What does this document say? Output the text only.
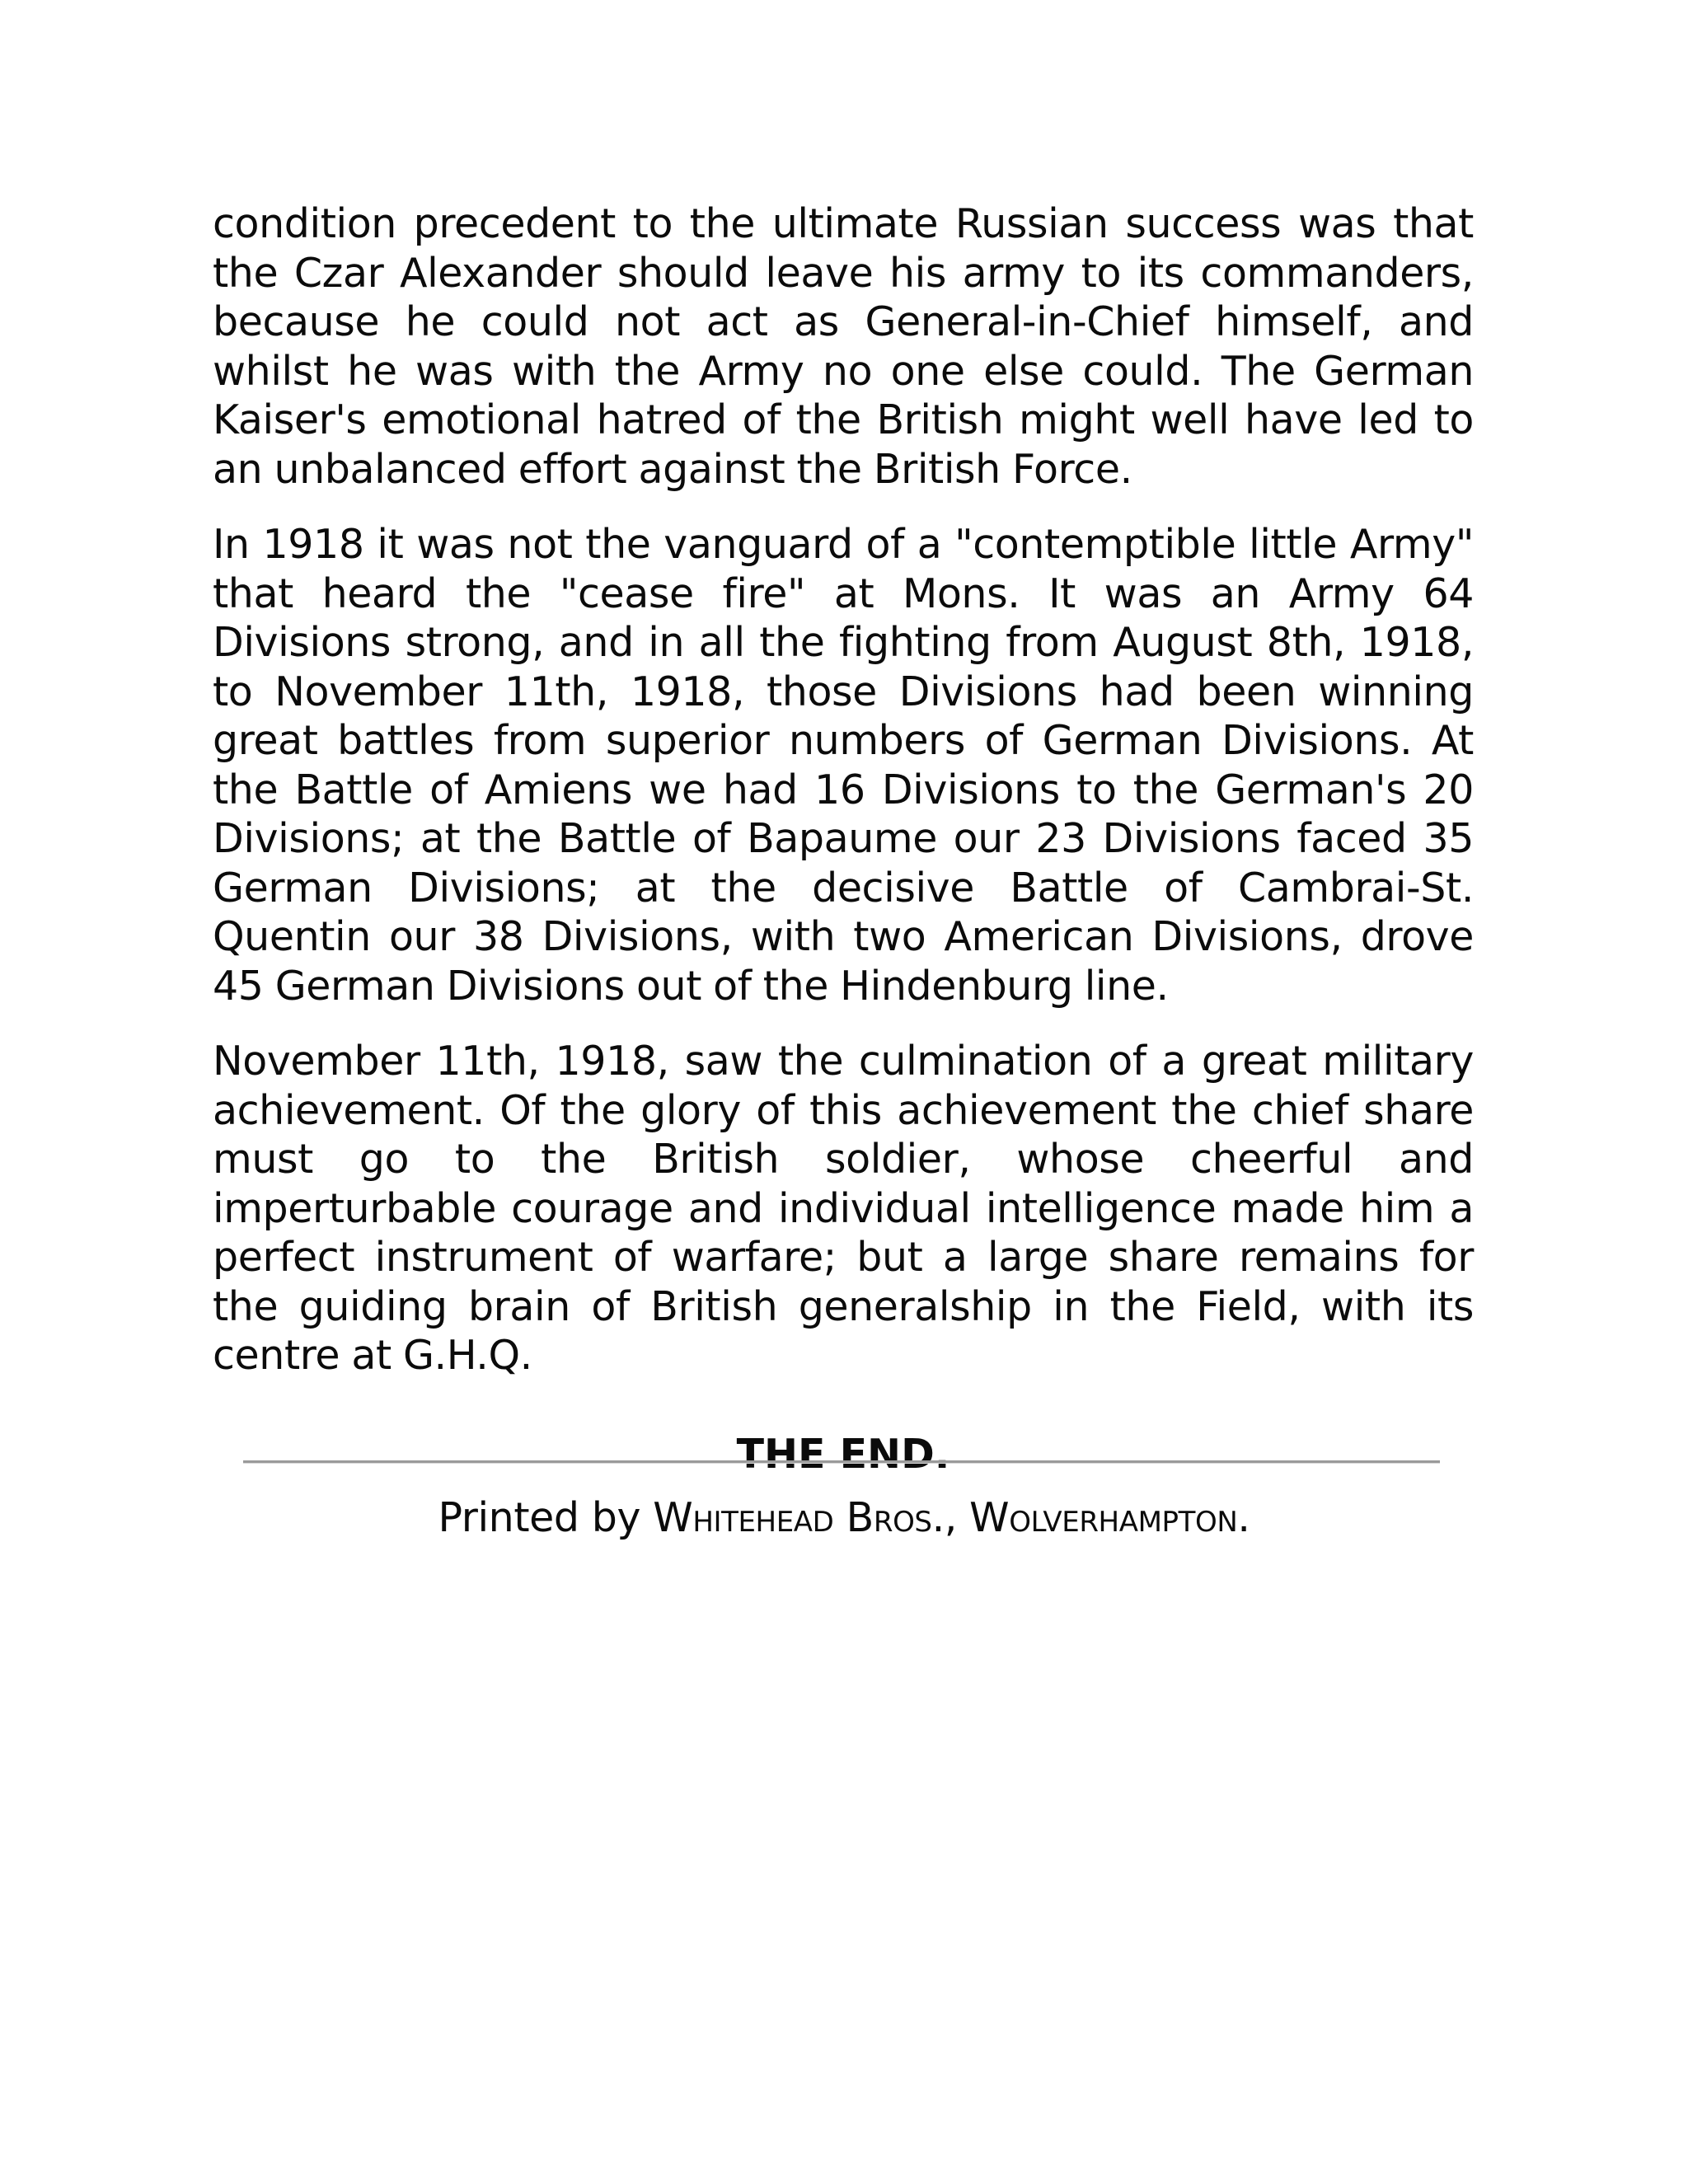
condition precedent to the ultimate Russian success was that the Czar Alexander should leave his army to its commanders, because he could not act as General-in-Chief himself, and whilst he was with the Army no one else could. The German Kaiser's emotional hatred of the British might well have led to an unbalanced effort against the British Force.

In 1918 it was not the vanguard of a "contemptible little Army" that heard the "cease fire" at Mons. It was an Army 64 Divisions strong, and in all the fighting from August 8th, 1918, to November 11th, 1918, those Divisions had been winning great battles from superior numbers of German Divisions. At the Battle of Amiens we had 16 Divisions to the German's 20 Divisions; at the Battle of Bapaume our 23 Divisions faced 35 German Divisions; at the decisive Battle of Cambrai-St. Quentin our 38 Divisions, with two American Divisions, drove 45 German Divisions out of the Hindenburg line.

November 11th, 1918, saw the culmination of a great military achievement. Of the glory of this achievement the chief share must go to the British soldier, whose cheerful and imperturbable courage and individual intelligence made him a perfect instrument of warfare; but a large share remains for the guiding brain of British generalship in the Field, with its centre at G.H.Q.

THE END.
Printed by Whitehead Bros., Wolverhampton.
